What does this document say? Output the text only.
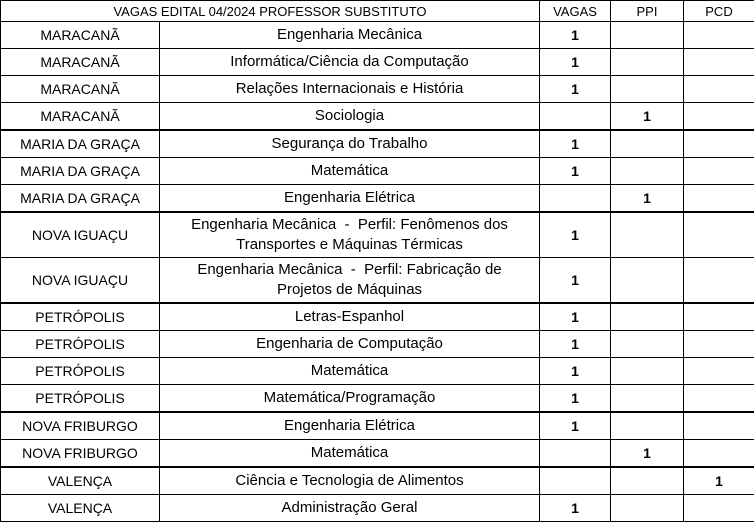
VAGAS EDITAL 04/2024 PROFESSOR SUBSTITUTO		VAGAS	PPI	PCD
MARACANÃ	Engenharia Mecânica	1		
MARACANÃ	Informática/Ciência da Computação	1		
MARACANÃ	Relações Internacionais e História	1		
MARACANÃ	Sociologia		1	
MARIA DA GRAÇA	Segurança do Trabalho	1		
MARIA DA GRAÇA	Matemática	1		
MARIA DA GRAÇA	Engenharia Elétrica		1	
NOVA IGUAÇU	Engenharia Mecânica  -  Perfil: Fenômenos dos
Transportes e Máquinas Térmicas	1		
NOVA IGUAÇU	Engenharia Mecânica  -  Perfil: Fabricação de
Projetos de Máquinas	1		
PETRÓPOLIS	Letras-Espanhol	1		
PETRÓPOLIS	Engenharia de Computação	1		
PETRÓPOLIS	Matemática	1		
PETRÓPOLIS	Matemática/Programação	1		
NOVA FRIBURGO	Engenharia Elétrica	1		
NOVA FRIBURGO	Matemática		1	
VALENÇA	Ciência e Tecnologia de Alimentos			1
VALENÇA	Administração Geral	1		
